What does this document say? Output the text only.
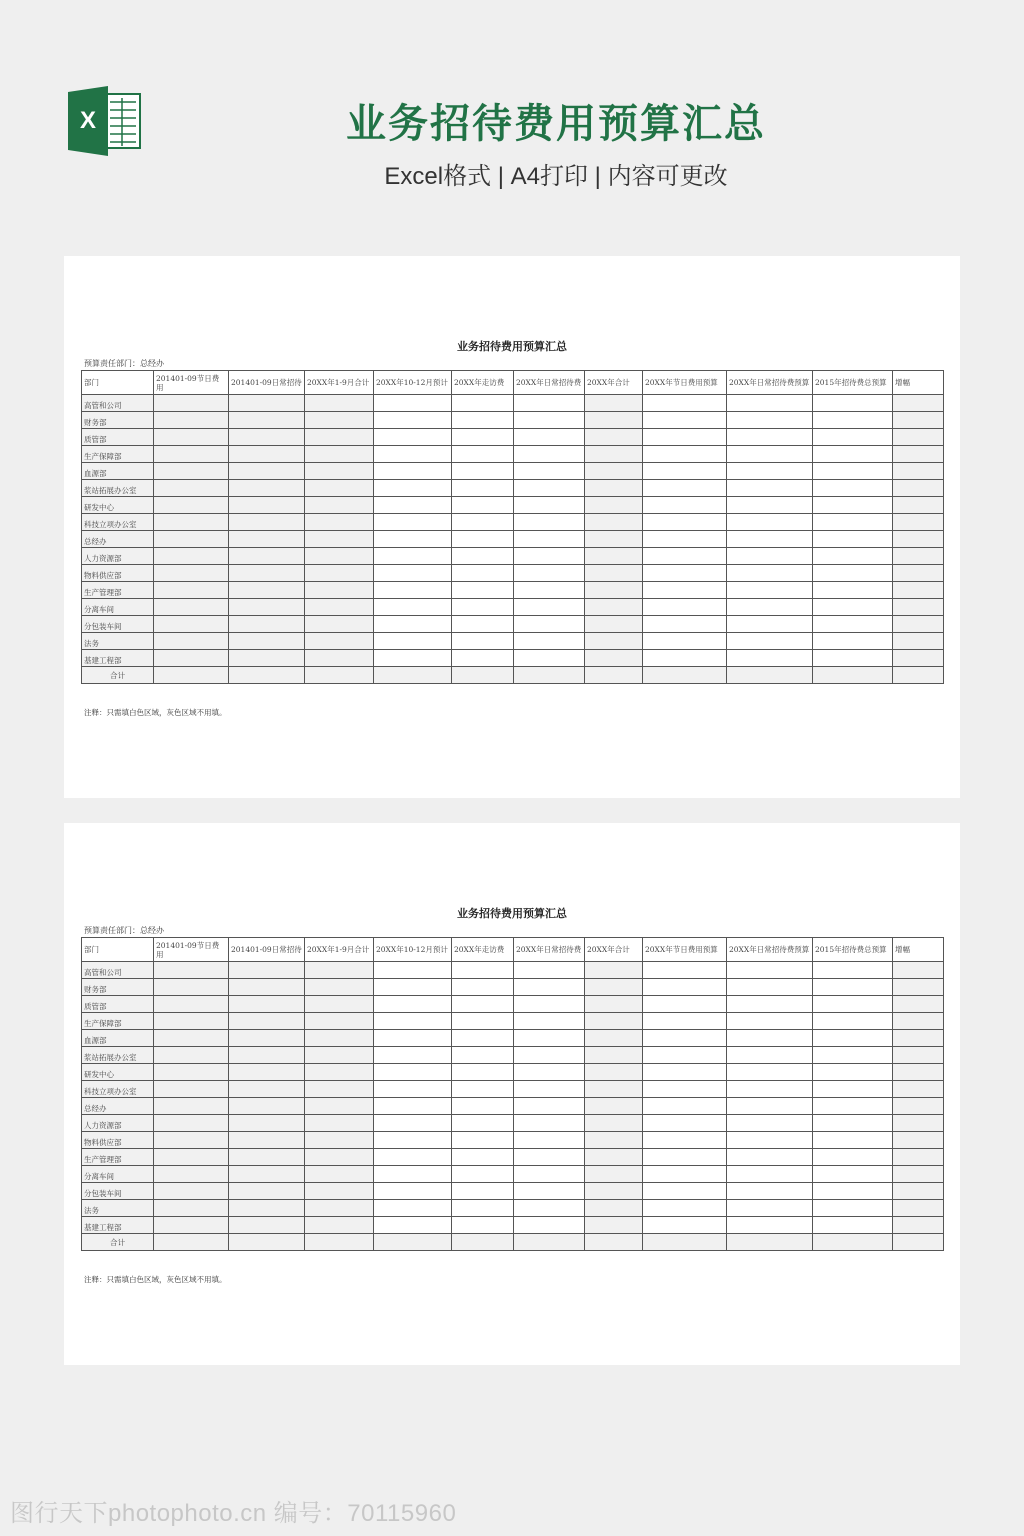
X	业务招待费用预算汇总
Excel格式 | A4打印 | 内容可更改
业务招待费用预算汇总
预算责任部门：总经办
部门	201401-09节日费用	201401-09日常招待	20XX年1-9月合计	20XX年10-12月预计	20XX年走访费	20XX年日常招待费	20XX年合计	20XX年节日费用预算	20XX年日常招待费预算	2015年招待费总预算	增幅
高管和公司											
财务部											
质管部											
生产保障部											
血源部											
浆站拓展办公室											
研发中心											
科技立项办公室											
总经办											
人力资源部											
物料供应部											
生产管理部											
分离车间											
分包装车间											
法务											
基建工程部											
合计											
注释：只需填白色区域，灰色区域不用填。
业务招待费用预算汇总
预算责任部门：总经办
部门	201401-09节日费用	201401-09日常招待	20XX年1-9月合计	20XX年10-12月预计	20XX年走访费	20XX年日常招待费	20XX年合计	20XX年节日费用预算	20XX年日常招待费预算	2015年招待费总预算	增幅
高管和公司											
财务部											
质管部											
生产保障部											
血源部											
浆站拓展办公室											
研发中心											
科技立项办公室											
总经办											
人力资源部											
物料供应部											
生产管理部											
分离车间											
分包装车间											
法务											
基建工程部											
合计											
注释：只需填白色区域，灰色区域不用填。
图行天下photophoto.cn 编号：70115960
